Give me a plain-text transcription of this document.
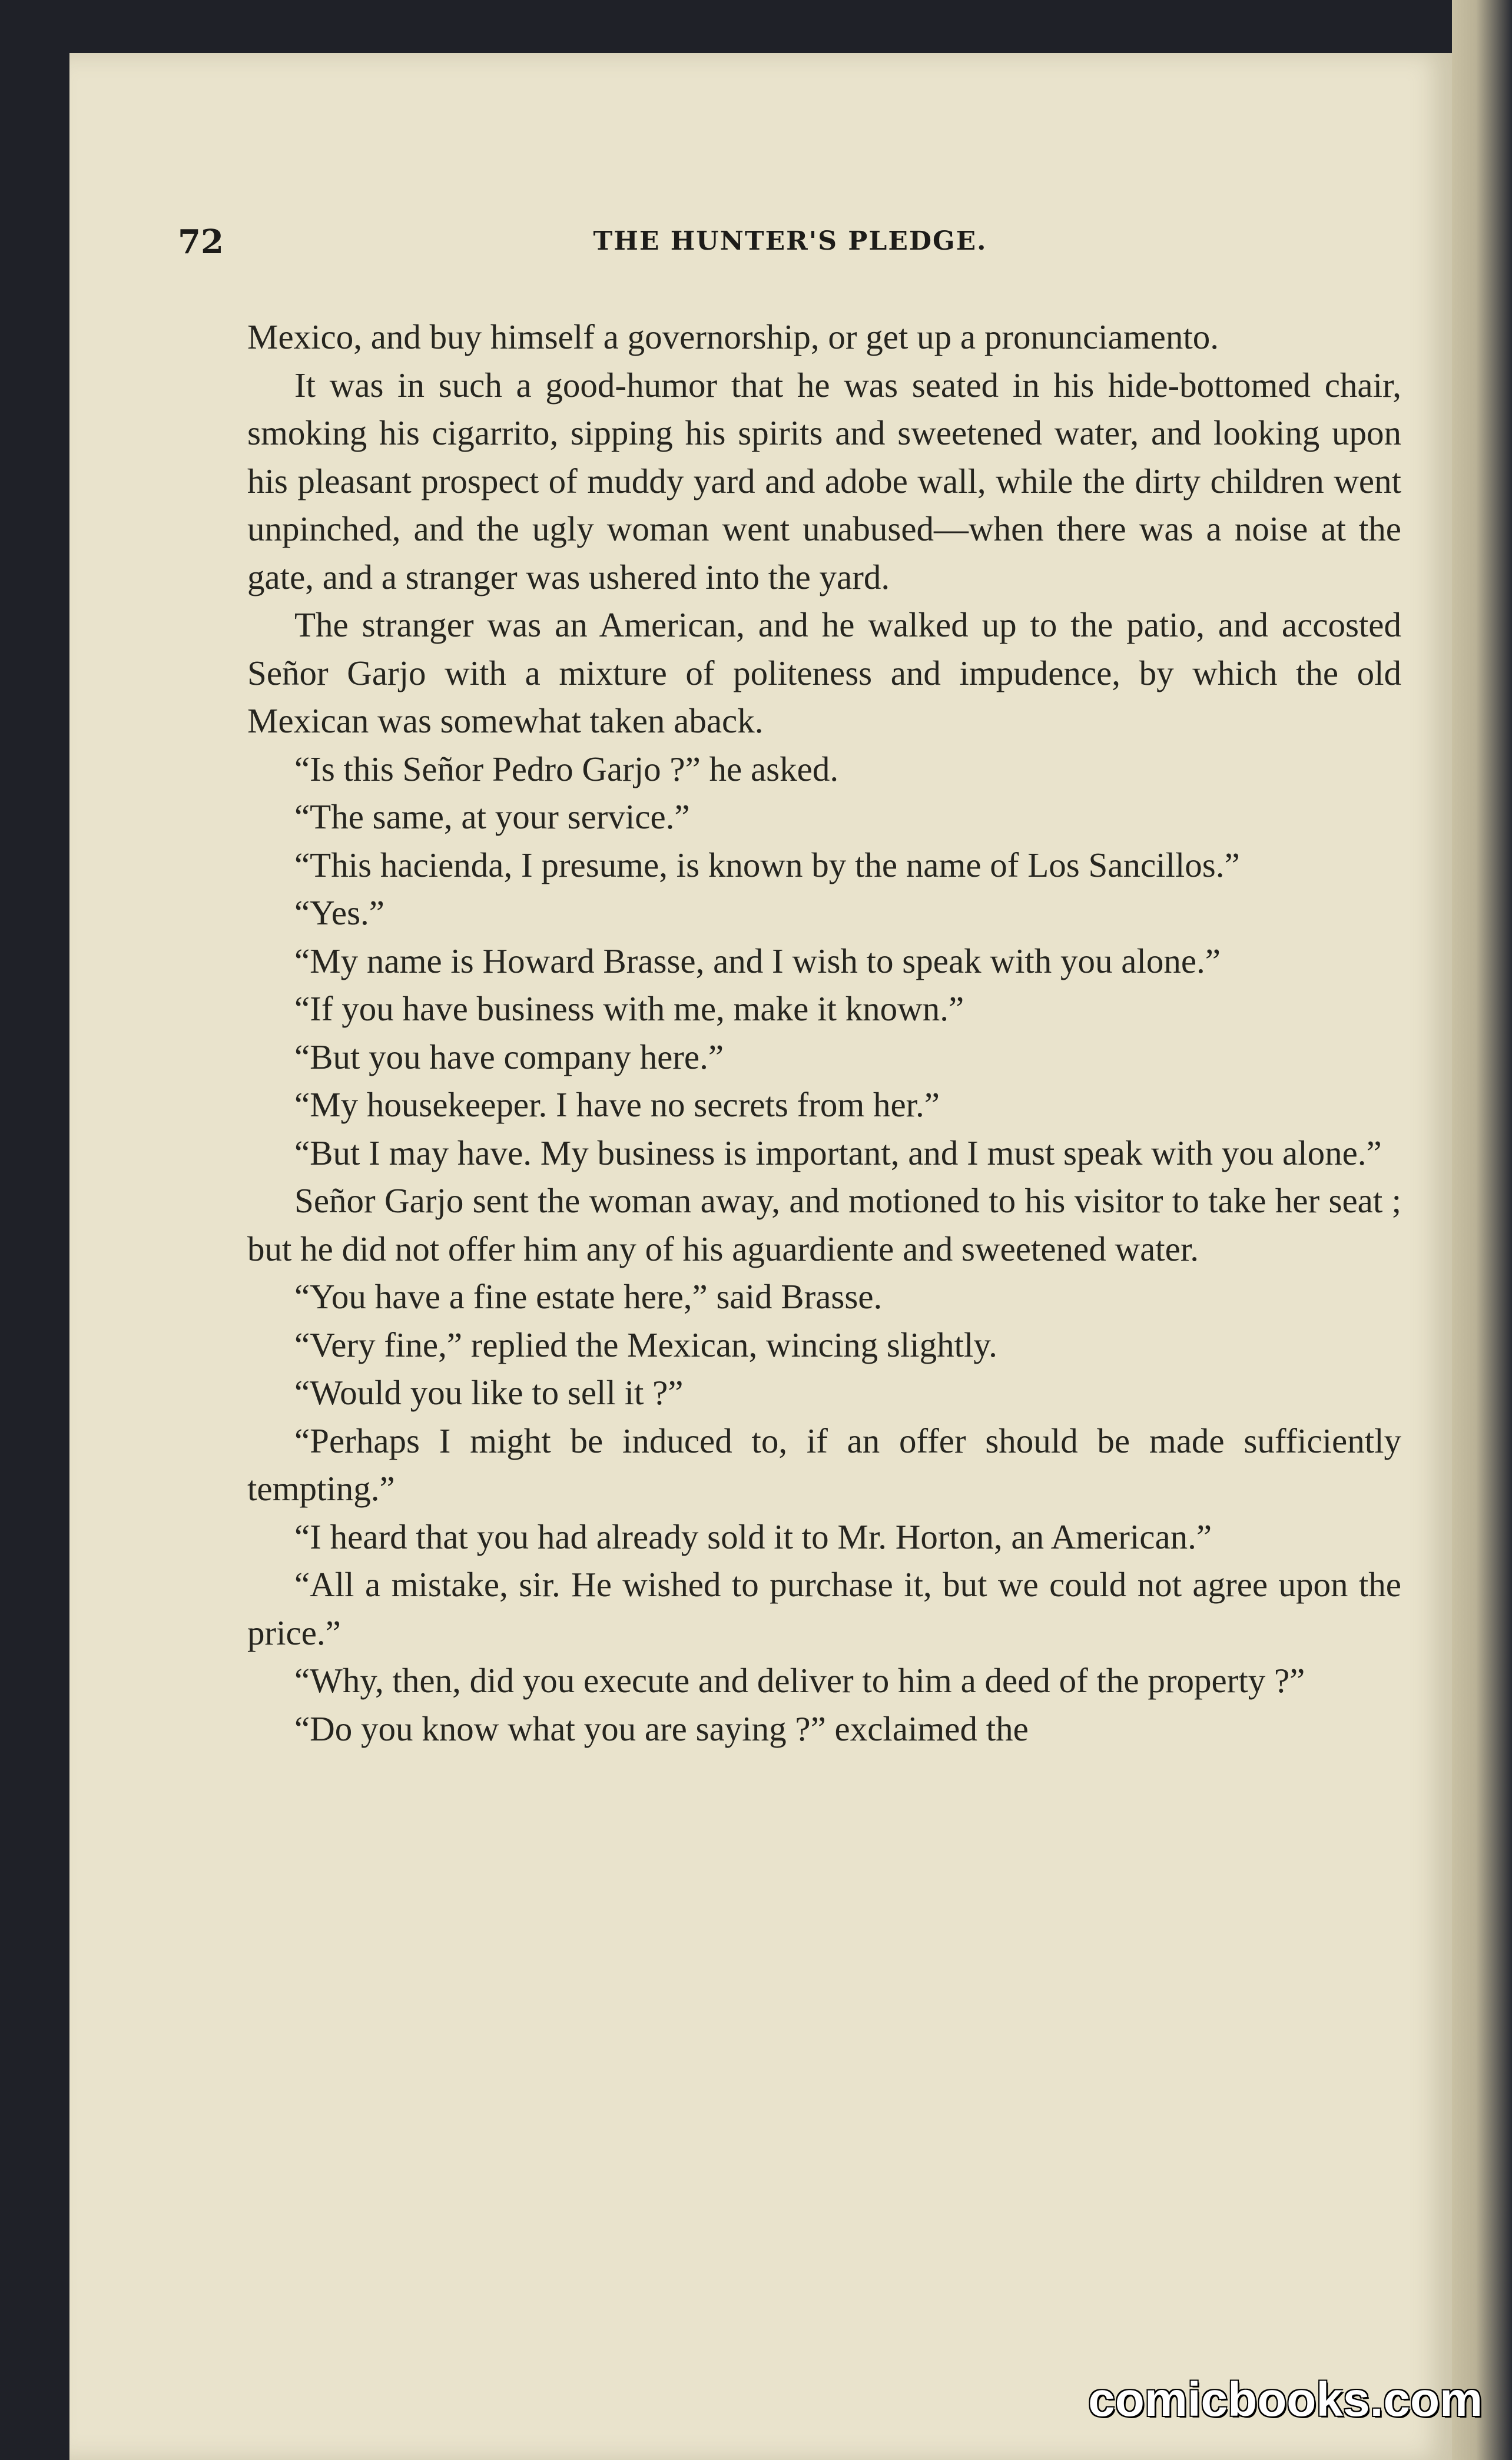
72	THE HUNTER'S PLEDGE.

Mexico, and buy himself a governorship, or get up a pronunciamento.

It was in such a good-humor that he was seated in his hide-bottomed chair, smoking his cigarrito, sipping his spirits and sweetened water, and looking upon his pleasant prospect of muddy yard and adobe wall, while the dirty children went unpinched, and the ugly woman went unabused—when there was a noise at the gate, and a stranger was ushered into the yard.

The stranger was an American, and he walked up to the patio, and accosted Señor Garjo with a mixture of politeness and impudence, by which the old Mexican was somewhat taken aback.

“Is this Señor Pedro Garjo ?” he asked.

“The same, at your service.”

“This hacienda, I presume, is known by the name of Los Sancillos.”

“Yes.”

“My name is Howard Brasse, and I wish to speak with you alone.”

“If you have business with me, make it known.”

“But you have company here.”

“My housekeeper. I have no secrets from her.”

“But I may have. My business is important, and I must speak with you alone.”

Señor Garjo sent the woman away, and motioned to his visitor to take her seat ; but he did not offer him any of his aguardiente and sweetened water.

“You have a fine estate here,” said Brasse.

“Very fine,” replied the Mexican, wincing slightly.

“Would you like to sell it ?”

“Perhaps I might be induced to, if an offer should be made sufficiently tempting.”

“I heard that you had already sold it to Mr. Horton, an American.”

“All a mistake, sir. He wished to purchase it, but we could not agree upon the price.”

“Why, then, did you execute and deliver to him a deed of the property ?”

“Do you know what you are saying ?” exclaimed the

comicbooks.com
